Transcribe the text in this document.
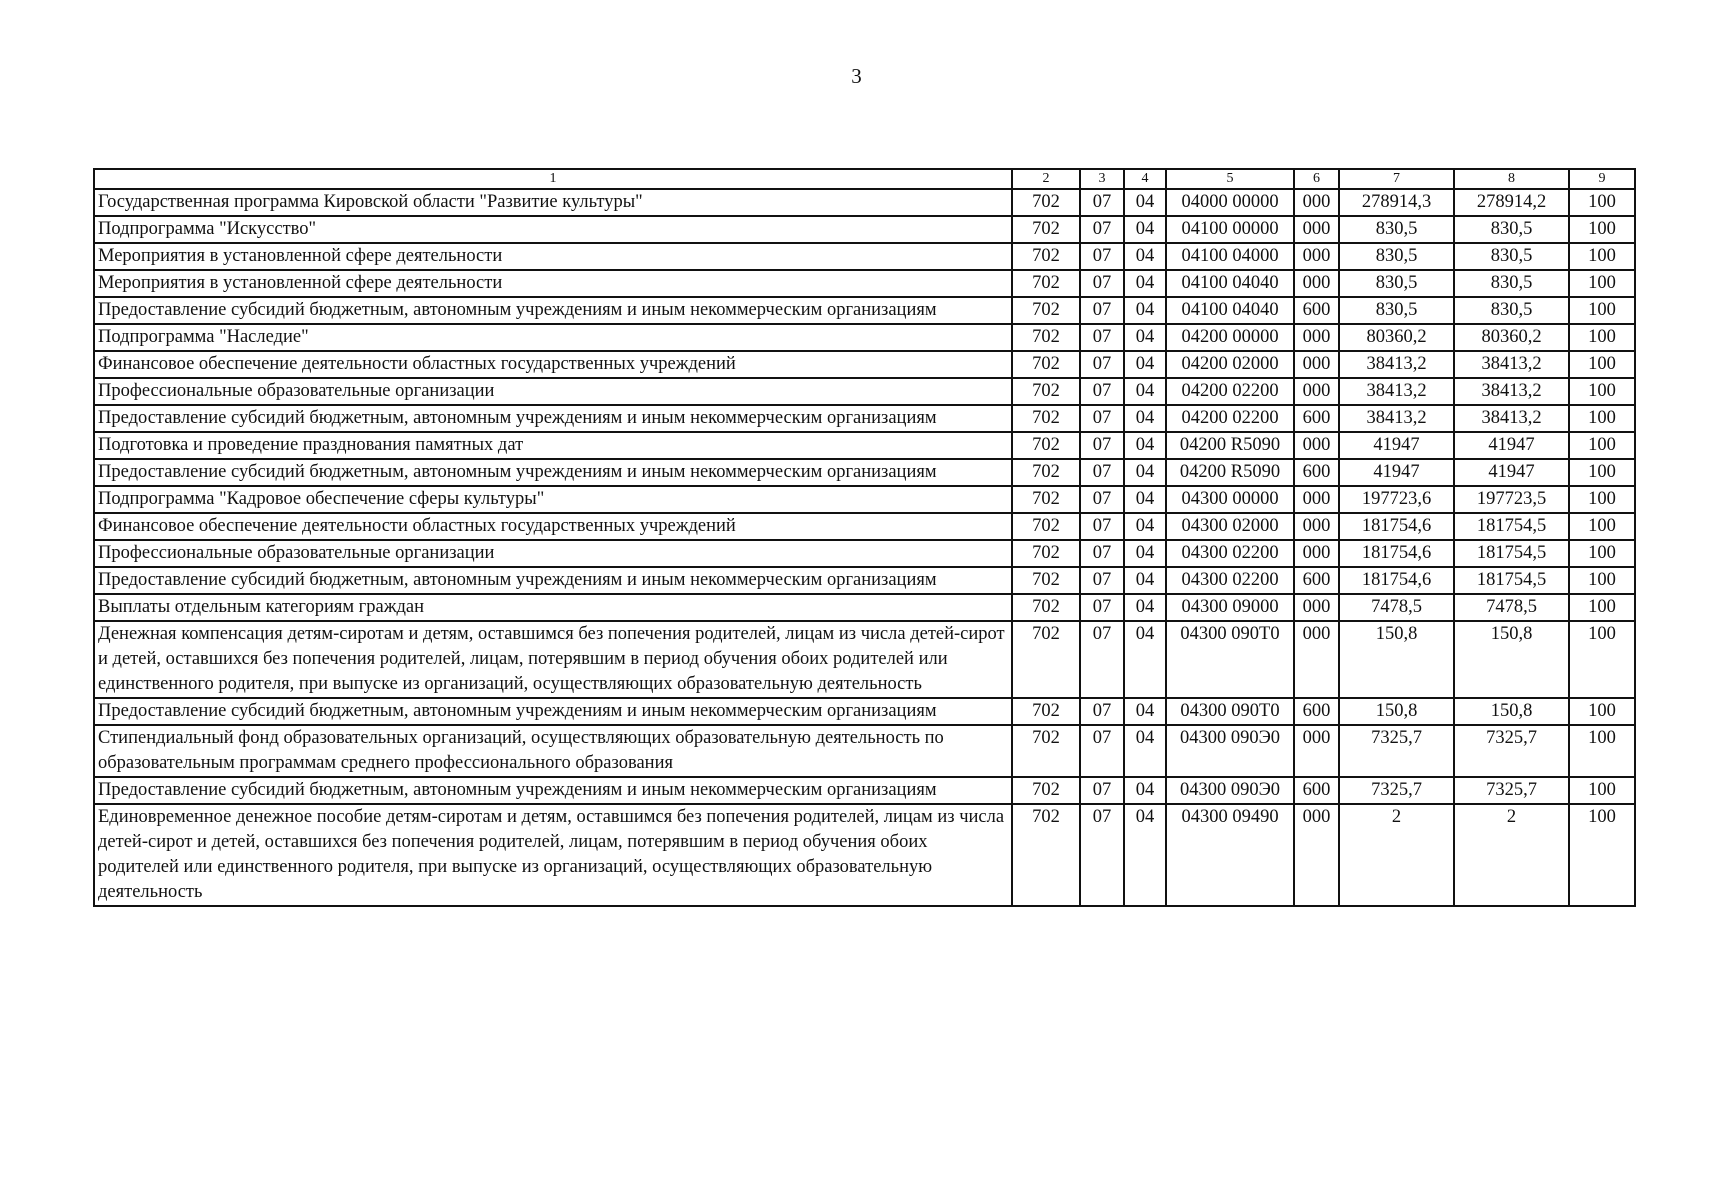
3
1	2	3	4	5	6	7	8	9
Государственная программа Кировской области "Развитие культуры"	702	07	04	04000 00000	000	278914,3	278914,2	100
Подпрограмма "Искусство"	702	07	04	04100 00000	000	830,5	830,5	100
Мероприятия в установленной сфере деятельности	702	07	04	04100 04000	000	830,5	830,5	100
Мероприятия в установленной сфере деятельности	702	07	04	04100 04040	000	830,5	830,5	100
Предоставление субсидий бюджетным, автономным учреждениям и иным некоммерческим организациям	702	07	04	04100 04040	600	830,5	830,5	100
Подпрограмма "Наследие"	702	07	04	04200 00000	000	80360,2	80360,2	100
Финансовое обеспечение деятельности областных государственных учреждений	702	07	04	04200 02000	000	38413,2	38413,2	100
Профессиональные образовательные организации	702	07	04	04200 02200	000	38413,2	38413,2	100
Предоставление субсидий бюджетным, автономным учреждениям и иным некоммерческим организациям	702	07	04	04200 02200	600	38413,2	38413,2	100
Подготовка и проведение празднования памятных дат	702	07	04	04200 R5090	000	41947	41947	100
Предоставление субсидий бюджетным, автономным учреждениям и иным некоммерческим организациям	702	07	04	04200 R5090	600	41947	41947	100
Подпрограмма "Кадровое обеспечение сферы культуры"	702	07	04	04300 00000	000	197723,6	197723,5	100
Финансовое обеспечение деятельности областных государственных учреждений	702	07	04	04300 02000	000	181754,6	181754,5	100
Профессиональные образовательные организации	702	07	04	04300 02200	000	181754,6	181754,5	100
Предоставление субсидий бюджетным, автономным учреждениям и иным некоммерческим организациям	702	07	04	04300 02200	600	181754,6	181754,5	100
Выплаты отдельным категориям граждан	702	07	04	04300 09000	000	7478,5	7478,5	100
Денежная компенсация детям-сиротам и детям, оставшимся без попечения родителей, лицам из числа детей-сирот и детей, оставшихся без попечения родителей, лицам, потерявшим в период обучения обоих родителей или единственного родителя, при выпуске из организаций, осуществляющих образовательную деятельность	702	07	04	04300 090Т0	000	150,8	150,8	100
Предоставление субсидий бюджетным, автономным учреждениям и иным некоммерческим организациям	702	07	04	04300 090Т0	600	150,8	150,8	100
Стипендиальный фонд образовательных организаций, осуществляющих образовательную деятельность по образовательным программам среднего профессионального образования	702	07	04	04300 090Э0	000	7325,7	7325,7	100
Предоставление субсидий бюджетным, автономным учреждениям и иным некоммерческим организациям	702	07	04	04300 090Э0	600	7325,7	7325,7	100
Единовременное денежное пособие детям-сиротам и детям, оставшимся без попечения родителей, лицам из числа детей-сирот и детей, оставшихся без попечения родителей, лицам, потерявшим в период обучения обоих родителей или единственного родителя, при выпуске из организаций, осуществляющих образовательную деятельность	702	07	04	04300 09490	000	2	2	100
